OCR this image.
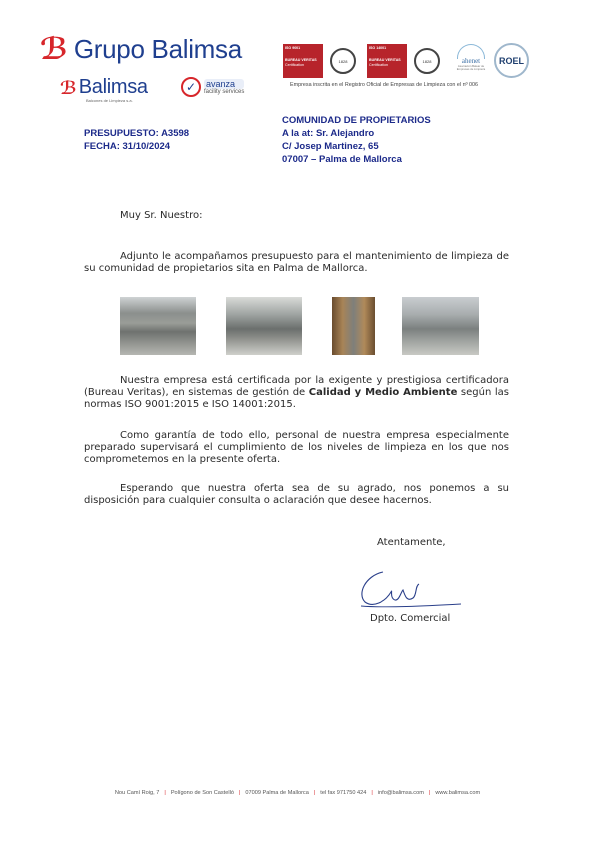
ℬ Grupo Balimsa
ℬ Balimsa
Balcones de Limpieza s.a.
✓	avanza
facility services
ISO 9001
BUREAU VERITAS
Certification
1828
ISO 14001
BUREAU VERITAS
Certification
1828	ahenet
Asociación Balear de Empresas de Limpieza
ROEL
Empresa inscrita en el Registro Oficial de Empresas de Limpieza con el nº 006
PRESUPUESTO: A3598
FECHA: 31/10/2024
COMUNIDAD DE PROPIETARIOS
A la at: Sr. Alejandro
C/ Josep Martinez, 65
07007 – Palma de Mallorca
Muy Sr. Nuestro:
Adjunto le acompañamos presupuesto para el mantenimiento de limpieza de su comunidad de propietarios sita en Palma de Mallorca.
Nuestra empresa está certificada por la exigente y prestigiosa certificadora (Bureau Veritas), en sistemas de gestión de Calidad y Medio Ambiente según las normas ISO 9001:2015 e ISO 14001:2015.
Como garantía de todo ello, personal de nuestra empresa especialmente preparado supervisará el cumplimiento de los niveles de limpieza en los que nos comprometemos en la presente oferta.
Esperando que nuestra oferta sea de su agrado, nos ponemos a su disposición para cualquier consulta o aclaración que desee hacernos.
Atentamente,
Dpto. Comercial
Nou Camí Roig, 7 | Polígono de Son Castelló | 07009 Palma de Mallorca | tel fax 971750 424 | info@balimsa.com | www.balimsa.com
